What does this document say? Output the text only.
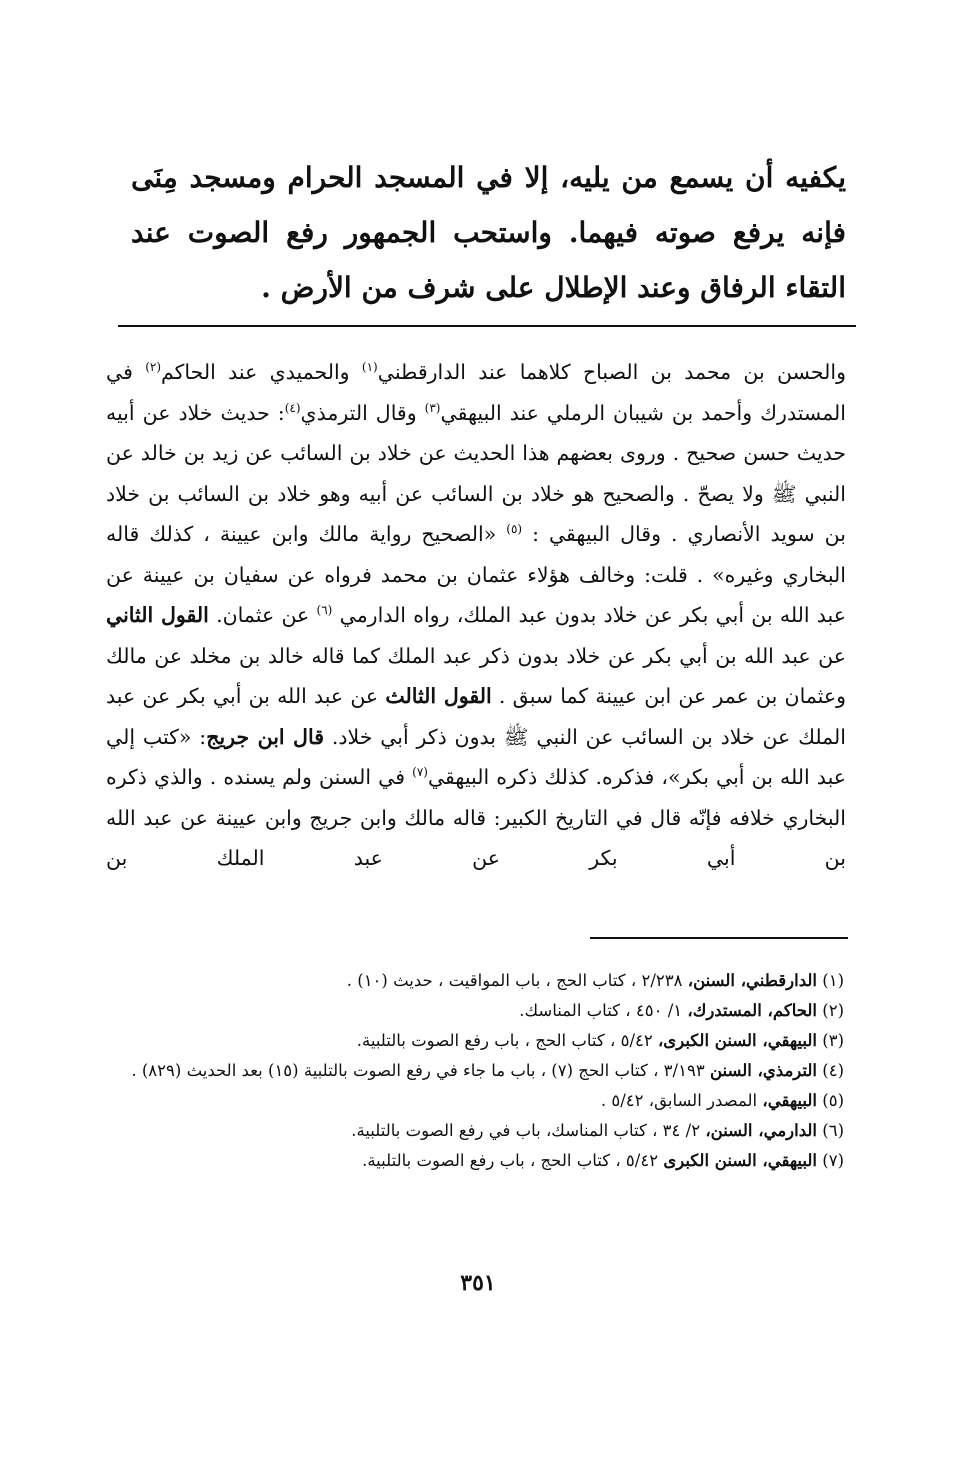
يكفيه أن يسمع من يليه، إلا في المسجد الحرام ومسجد مِنَى فإنه يرفع صوته فيهما. واستحب الجمهور رفع الصوت عند التقاء الرفاق وعند الإطلال على شرف من الأرض .

والحسن بن محمد بن الصباح كلاهما عند الدارقطني$^{(١)}$ والحميدي عند الحاكم$^{(٢)}$ في المستدرك وأحمد بن شيبان الرملي عند البيهقي$^{(٣)}$ وقال الترمذي$^{(٤)}$: حديث خلاد عن أبيه حديث حسن صحيح . وروى بعضهم هذا الحديث عن خلاد بن السائب عن زيد بن خالد عن النبي ﷺ ولا يصحّ . والصحيح هو خلاد بن السائب عن أبيه وهو خلاد بن السائب بن خلاد بن سويد الأنصاري . وقال البيهقي : $^{(٥)}$ «الصحيح رواية مالك وابن عيينة ، كذلك قاله البخاري وغيره» . قلت: وخالف هؤلاء عثمان بن محمد فرواه عن سفيان بن عيينة عن عبد الله بن أبي بكر عن خلاد بدون عبد الملك، رواه الدارمي $^{(٦)}$ عن عثمان. القول الثاني عن عبد الله بن أبي بكر عن خلاد بدون ذكر عبد الملك كما قاله خالد بن مخلد عن مالك وعثمان بن عمر عن ابن عيينة كما سبق . القول الثالث عن عبد الله بن أبي بكر عن عبد الملك عن خلاد بن السائب عن النبي ﷺ بدون ذكر أبي خلاد. قال ابن جريج: «كتب إلي عبد الله بن أبي بكر»، فذكره. كذلك ذكره البيهقي$^{(٧)}$ في السنن ولم يسنده . والذي ذكره البخاري خلافه فإنّه قال في التاريخ الكبير: قاله مالك وابن جريج وابن عيينة عن عبد الله بن أبي بكر عن عبد الملك بن

(١) الدارقطني، السنن، ٢/٢٣٨ ، كتاب الحج ، باب المواقيت ، حديث (١٠) .
(٢) الحاكم، المستدرك، ١/ ٤٥٠ ، كتاب المناسك.
(٣) البيهقي، السنن الكبرى، ٥/٤٢ ، كتاب الحج ، باب رفع الصوت بالتلبية.
(٤) الترمذي، السنن ٣/١٩٣ ، كتاب الحج (٧) ، باب ما جاء في رفع الصوت بالتلبية (١٥) بعد الحديث (٨٢٩) .
(٥) البيهقي، المصدر السابق، ٥/٤٢ .
(٦) الدارمي، السنن، ٢/ ٣٤ ، كتاب المناسك، باب في رفع الصوت بالتلبية.
(٧) البيهقي، السنن الكبرى ٥/٤٢ ، كتاب الحج ، باب رفع الصوت بالتلبية.
٣٥١
